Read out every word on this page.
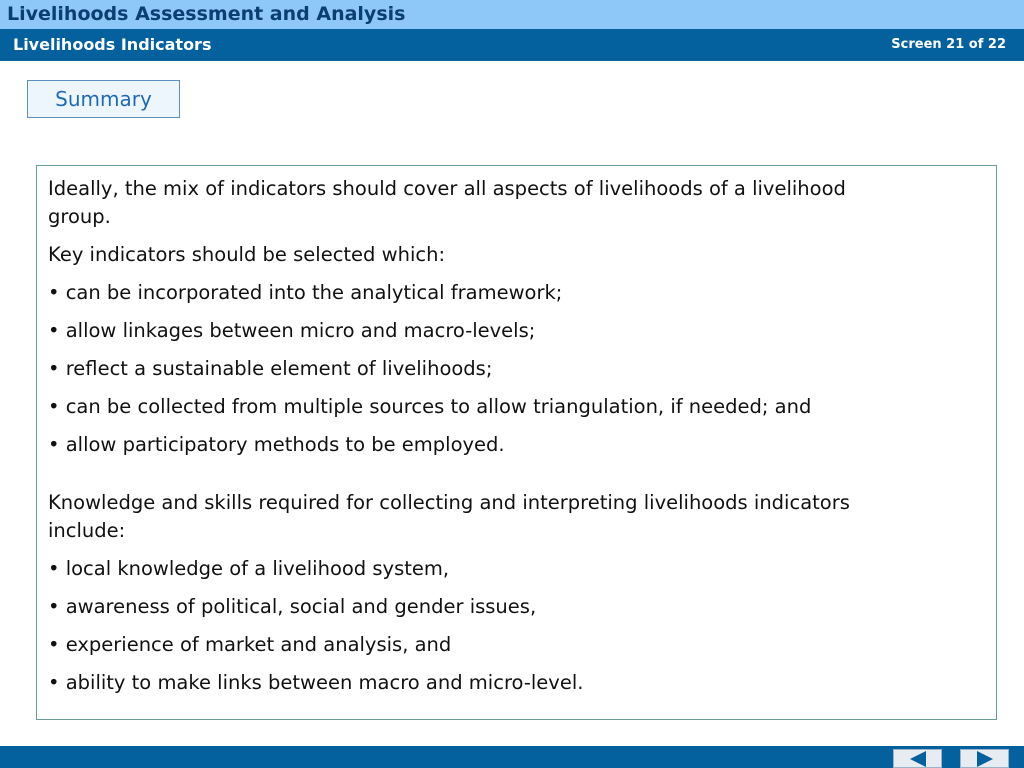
Livelihoods Assessment and Analysis
Livelihoods Indicators	Screen 21 of 22
Summary

Ideally, the mix of indicators should cover all aspects of livelihoods of a livelihood

group.

Key indicators should be selected which:

• can be incorporated into the analytical framework;

• allow linkages between micro and macro-levels;

• reflect a sustainable element of livelihoods;

• can be collected from multiple sources to allow triangulation, if needed; and

• allow participatory methods to be employed.

Knowledge and skills required for collecting and interpreting livelihoods indicators

include:

• local knowledge of a livelihood system,

• awareness of political, social and gender issues,

• experience of market and analysis, and

• ability to make links between macro and micro-level.
